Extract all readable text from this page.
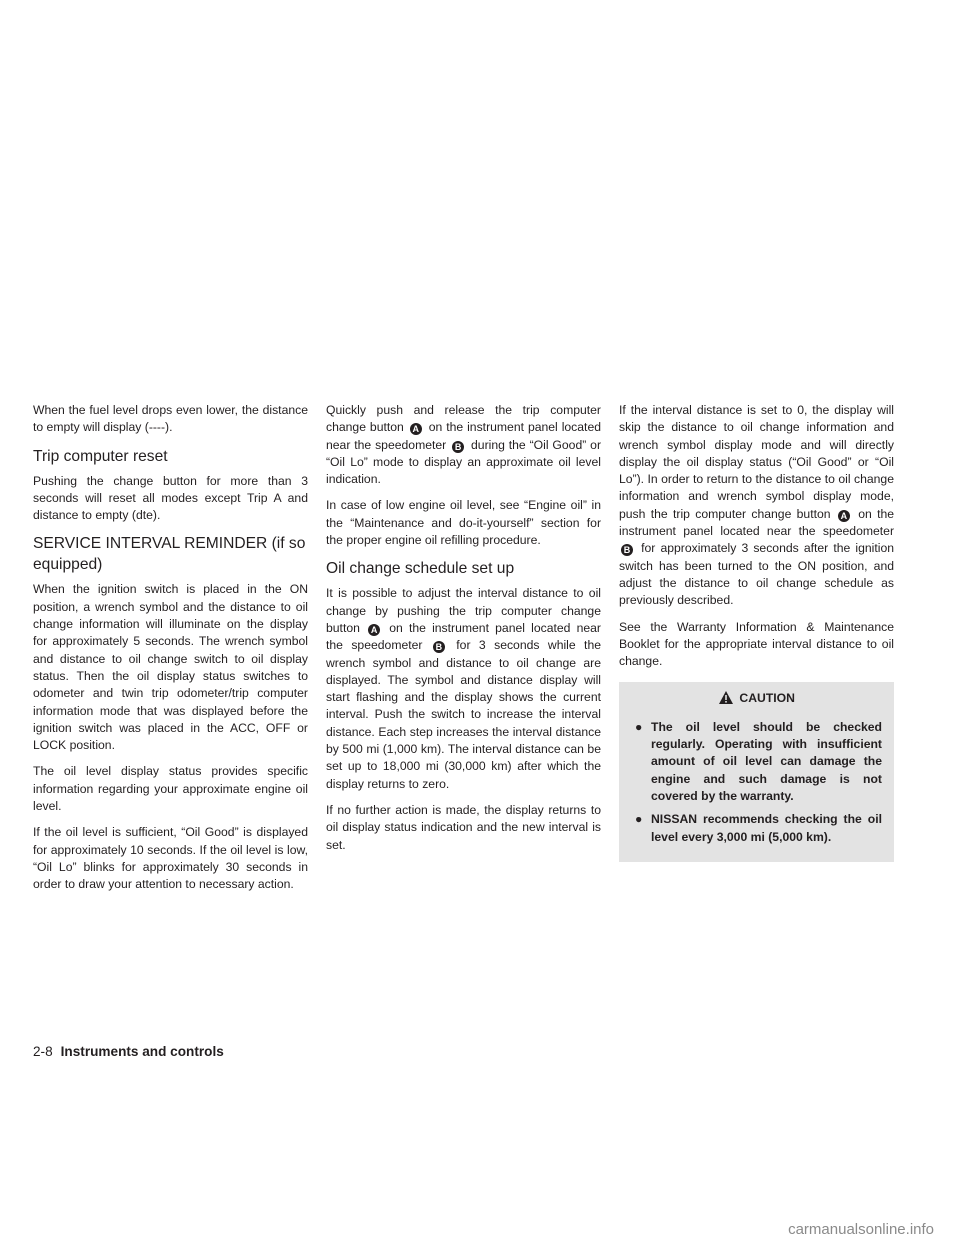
When the fuel level drops even lower, the distance to empty will display (----).

Trip computer reset

Pushing the change button for more than 3 seconds will reset all modes except Trip A and distance to empty (dte).

SERVICE INTERVAL REMINDER (if so equipped)

When the ignition switch is placed in the ON position, a wrench symbol and the distance to oil change information will illuminate on the display for approximately 5 seconds. The wrench symbol and distance to oil change switch to oil display status. Then the oil display status switches to odometer and twin trip odometer/trip computer information mode that was displayed before the ignition switch was placed in the ACC, OFF or LOCK position.

The oil level display status provides specific information regarding your approximate engine oil level.

If the oil level is sufficient, “Oil Good” is displayed for approximately 10 seconds. If the oil level is low, “Oil Lo” blinks for approximately 30 seconds in order to draw your attention to necessary action.

Quickly push and release the trip computer change button A on the instrument panel located near the speedometer B during the “Oil Good” or “Oil Lo” mode to display an approximate oil level indication.

In case of low engine oil level, see “Engine oil” in the “Maintenance and do-it-yourself” section for the proper engine oil refilling procedure.

Oil change schedule set up

It is possible to adjust the interval distance to oil change by pushing the trip computer change button A on the instrument panel located near the speedometer B for 3 seconds while the wrench symbol and distance to oil change are displayed. The symbol and distance display will start flashing and the display shows the current interval. Push the switch to increase the interval distance. Each step increases the interval distance by 500 mi (1,000 km). The interval distance can be set up to 18,000 mi (30,000 km) after which the display returns to zero.

If no further action is made, the display returns to oil display status indication and the new interval is set.

If the interval distance is set to 0, the display will skip the distance to oil change information and wrench symbol display mode and will directly display the oil display status (“Oil Good” or “Oil Lo”). In order to return to the distance to oil change information and wrench symbol display mode, push the trip computer change button A on the instrument panel located near the speedometer B for approximately 3 seconds after the ignition switch has been turned to the ON position, and adjust the distance to oil change schedule as previously described.

See the Warranty Information & Maintenance Booklet for the appropriate interval distance to oil change.

CAUTION
● The oil level should be checked regularly. Operating with insufficient amount of oil level can damage the engine and such damage is not covered by the warranty.
● NISSAN recommends checking the oil level every 3,000 mi (5,000 km).
2-8 Instruments and controls
carmanualsonline.info
